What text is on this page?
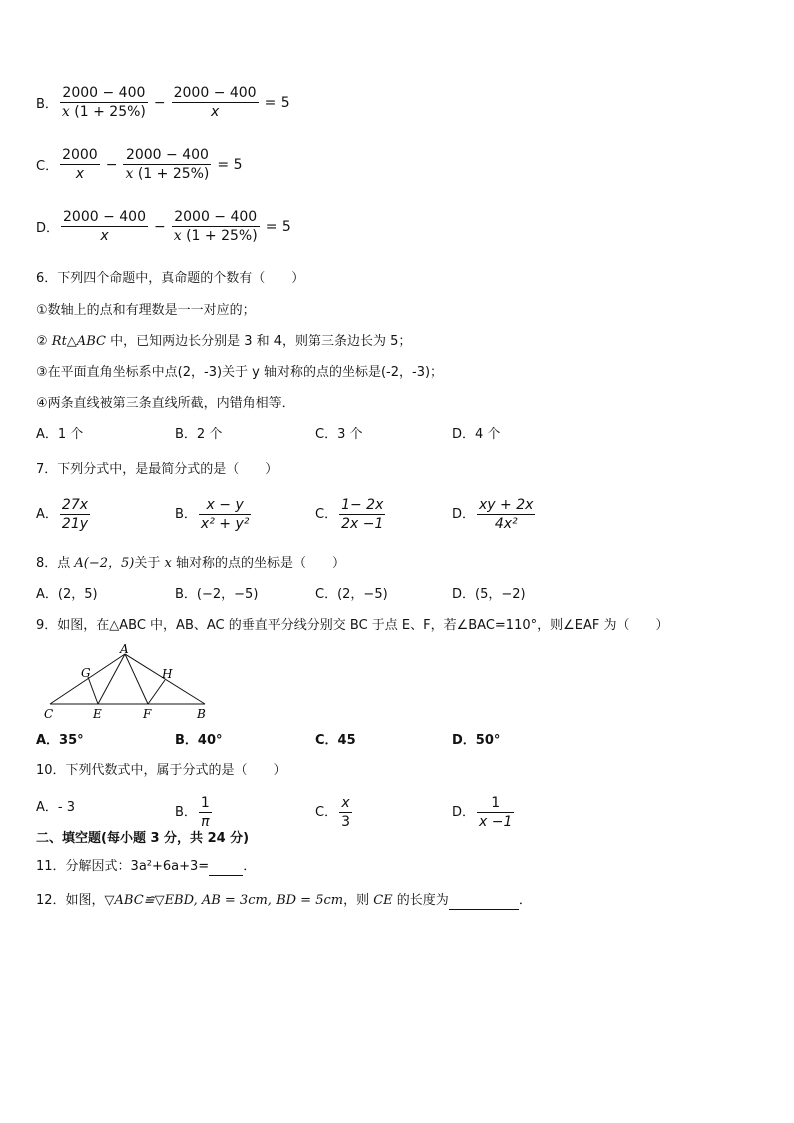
B． $\frac{2000 - 400}{x (1 + 25\%)} - \frac{2000 - 400}{x} = 5$
C． $\frac{2000}{x} - \frac{2000 - 400}{x (1 + 25\%)} = 5$
D． $\frac{2000 - 400}{x} - \frac{2000 - 400}{x (1 + 25\%)} = 5$
6．下列四个命题中，真命题的个数有（　　）
①数轴上的点和有理数是一一对应的；
② Rt△ABC 中，已知两边长分别是 3 和 4，则第三条边长为 5；
③在平面直角坐标系中点(2，-3)关于 y 轴对称的点的坐标是(-2，-3)；
④两条直线被第三条直线所截，内错角相等．
A．1 个	B．2 个	C．3 个	D．4 个
7．下列分式中，是最简分式的是（　　）
A． $\frac{27x}{21y}$	B． $\frac{x - y}{\text{x² + y²}}$	C． $\frac{1- 2x}{2x -1}$	D． $\frac{xy + 2x}{\text{4x²}}$
8．点 A(−2，5)关于 x 轴对称的点的坐标是（　　）
A．(2，5)	B．(−2，−5)	C．(2，−5)	D．(5，−2)
9．如图，在△ABC 中，AB、AC 的垂直平分线分别交 BC 于点 E、F，若∠BAC=110°，则∠EAF 为（　　）
A
C	E	F	B
G	H
A．35°	B．40°	C．45	D．50°
10．下列代数式中，属于分式的是（　　）
A． - 3	B． $\frac{1}{\pi}$	C． $\frac{x}{3}$	D． $\frac{1}{x -1}$
二、填空题(每小题 3 分，共 24 分)
11．分解因式：3a²+6a+3=	．
12．如图，▽ABC≌▽EBD, AB = 3cm, BD = 5cm，则 CE 的长度为	．
